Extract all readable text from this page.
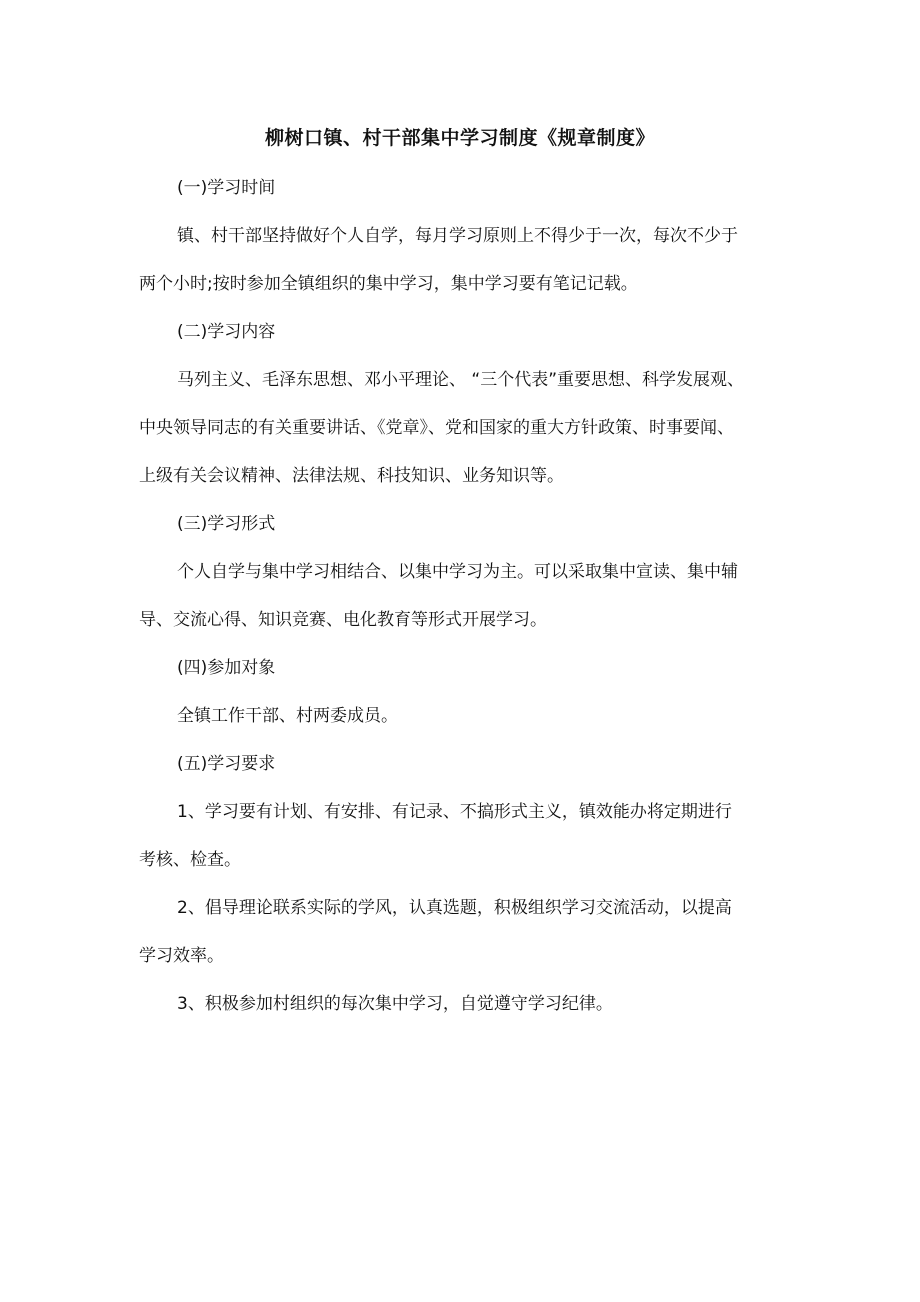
柳树口镇、村干部集中学习制度《规章制度》

(一)学习时间

镇、村干部坚持做好个人自学，每月学习原则上不得少于一次，每次不少于

两个小时;按时参加全镇组织的集中学习，集中学习要有笔记记载。

(二)学习内容

马列主义、毛泽东思想、邓小平理论、 “三个代表”重要思想、科学发展观、

中央领导同志的有关重要讲话、《党章》、党和国家的重大方针政策、时事要闻、

上级有关会议精神、法律法规、科技知识、业务知识等。

(三)学习形式

个人自学与集中学习相结合、以集中学习为主。可以采取集中宣读、集中辅

导、交流心得、知识竞赛、电化教育等形式开展学习。

(四)参加对象

全镇工作干部、村两委成员。

(五)学习要求

1、学习要有计划、有安排、有记录、不搞形式主义，镇效能办将定期进行

考核、检查。

2、倡导理论联系实际的学风，认真选题，积极组织学习交流活动，以提高

学习效率。

3、积极参加村组织的每次集中学习，自觉遵守学习纪律。
